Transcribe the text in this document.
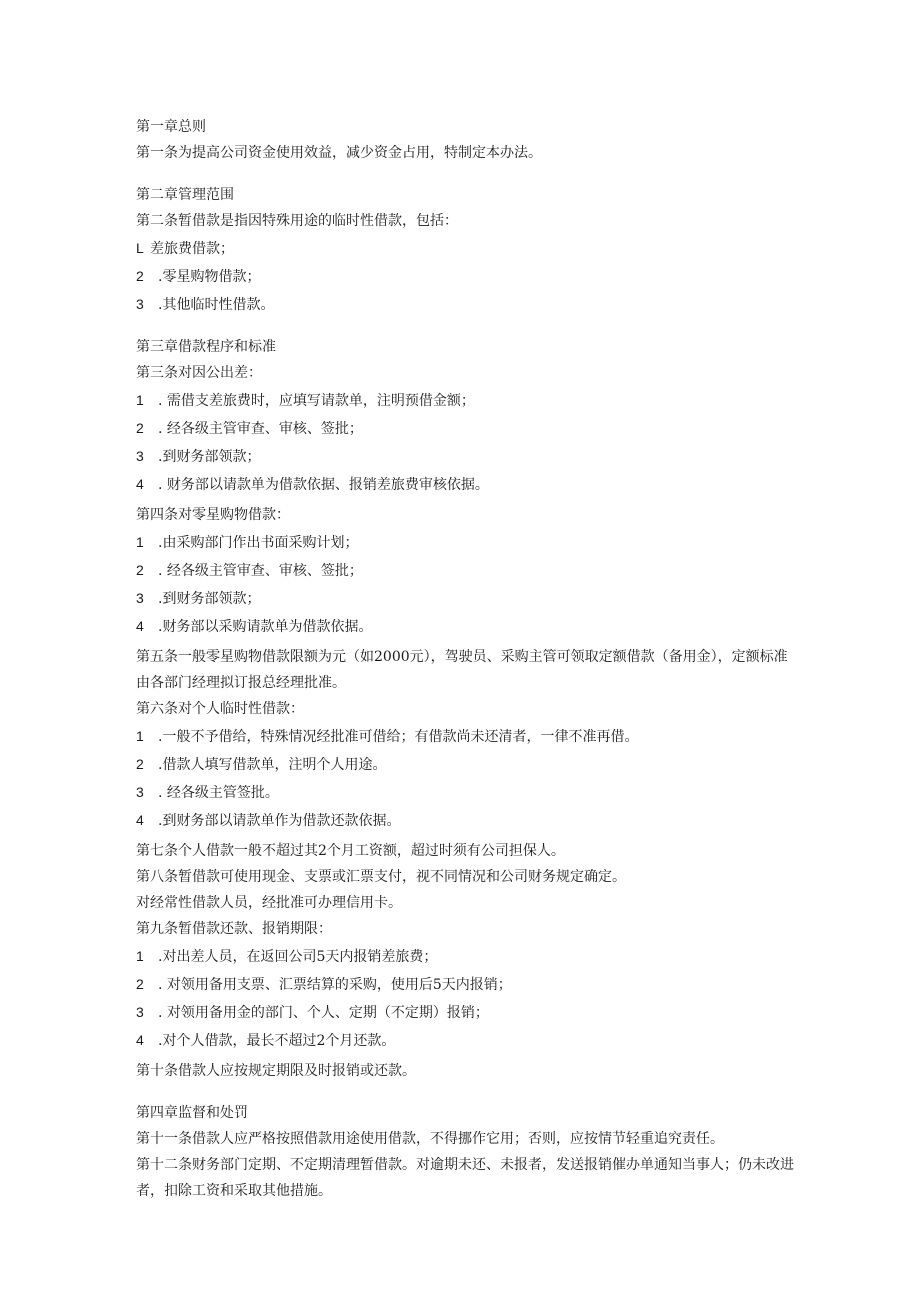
第一章总则
第一条为提高公司资金使用效益，减少资金占用，特制定本办法。
第二章管理范围
第二条暂借款是指因特殊用途的临时性借款，包括：
L 差旅费借款；
2 .零星购物借款；
3 .其他临时性借款。
第三章借款程序和标准
第三条对因公出差：
1 . 需借支差旅费时，应填写请款单，注明预借金额；
2 . 经各级主管审查、审核、签批；
3 .到财务部领款；
4 . 财务部以请款单为借款依据、报销差旅费审核依据。
第四条对零星购物借款：
1 .由采购部门作出书面采购计划；
2 . 经各级主管审查、审核、签批；
3 .到财务部领款；
4 .财务部以采购请款单为借款依据。

第五条一般零星购物借款限额为元（如2000元），驾驶员、采购主管可领取定额借款（备用金），定额标准由各部门经理拟订报总经理批准。

第六条对个人临时性借款：
1 .一般不予借给，特殊情况经批准可借给；有借款尚未还清者，一律不准再借。
2 .借款人填写借款单，注明个人用途。
3 . 经各级主管签批。
4 .到财务部以请款单作为借款还款依据。
第七条个人借款一般不超过其2个月工资额，超过时须有公司担保人。
第八条暂借款可使用现金、支票或汇票支付，视不同情况和公司财务规定确定。
对经常性借款人员，经批准可办理信用卡。
第九条暂借款还款、报销期限：
1 .对出差人员，在返回公司5天内报销差旅费；
2 . 对领用备用支票、汇票结算的采购，使用后5天内报销；
3 . 对领用备用金的部门、个人、定期（不定期）报销；
4 .对个人借款，最长不超过2个月还款。
第十条借款人应按规定期限及时报销或还款。
第四章监督和处罚
第十一条借款人应严格按照借款用途使用借款，不得挪作它用；否则，应按情节轻重追究责任。

第十二条财务部门定期、不定期清理暂借款。对逾期未还、未报者，发送报销催办单通知当事人；仍未改进者，扣除工资和采取其他措施。
